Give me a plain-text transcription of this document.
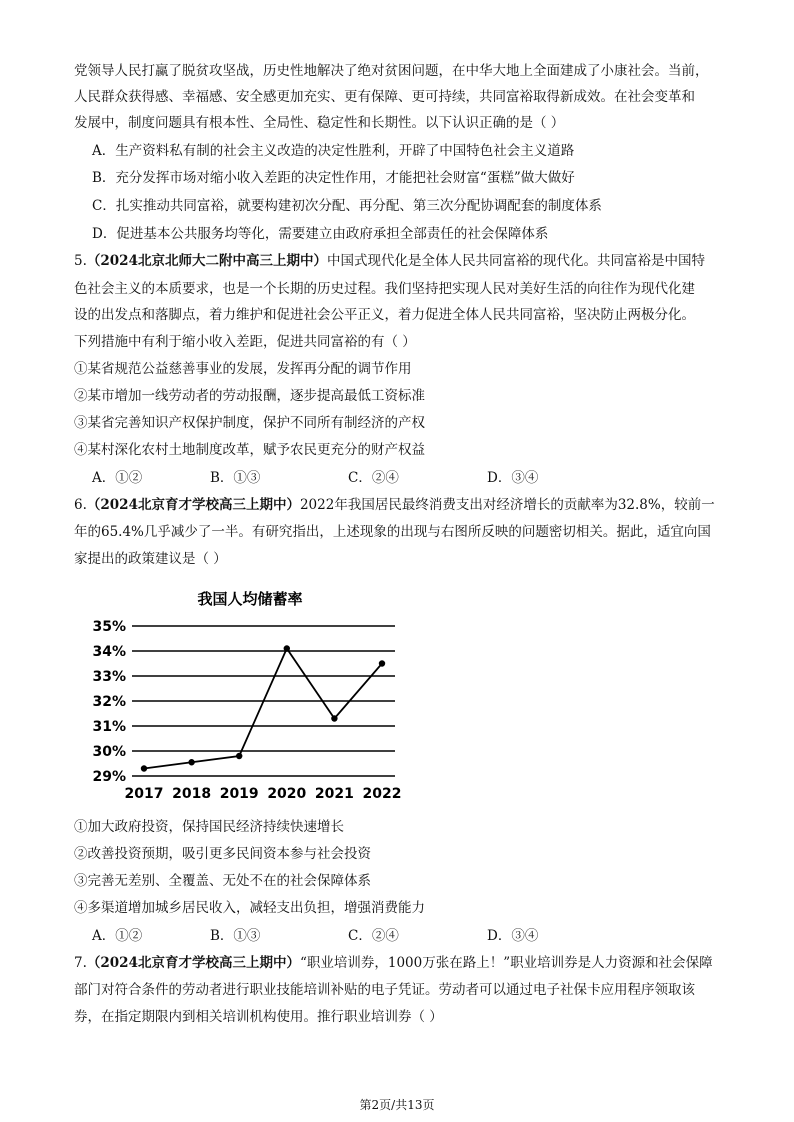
党领导人民打赢了脱贫攻坚战，历史性地解决了绝对贫困问题，在中华大地上全面建成了小康社会。当前，
人民群众获得感、幸福感、安全感更加充实、更有保障、更可持续，共同富裕取得新成效。在社会变革和
发展中，制度问题具有根本性、全局性、稳定性和长期性。以下认识正确的是（ ）
A．生产资料私有制的社会主义改造的决定性胜利，开辟了中国特色社会主义道路
B．充分发挥市场对缩小收入差距的决定性作用，才能把社会财富“蛋糕”做大做好
C．扎实推动共同富裕，就要构建初次分配、再分配、第三次分配协调配套的制度体系
D．促进基本公共服务均等化，需要建立由政府承担全部责任的社会保障体系
5.（2024北京北师大二附中高三上期中）中国式现代化是全体人民共同富裕的现代化。共同富裕是中国特
色社会主义的本质要求，也是一个长期的历史过程。我们坚持把实现人民对美好生活的向往作为现代化建
设的出发点和落脚点，着力维护和促进社会公平正义，着力促进全体人民共同富裕，坚决防止两极分化。
下列措施中有利于缩小收入差距，促进共同富裕的有（ ）
①某省规范公益慈善事业的发展，发挥再分配的调节作用
②某市增加一线劳动者的劳动报酬，逐步提高最低工资标准
③某省完善知识产权保护制度，保护不同所有制经济的产权
④某村深化农村土地制度改革，赋予农民更充分的财产权益
A．①②	B．①③	C．②④	D．③④
6.（2024北京育才学校高三上期中）2022年我国居民最终消费支出对经济增长的贡献率为32.8%，较前一
年的65.4%几乎减少了一半。有研究指出，上述现象的出现与右图所反映的问题密切相关。据此，适宜向国
家提出的政策建议是（ ）
我国人均储蓄率
29%
30%
31%
32%
33%
34%
35%
2017 2018 2019 2020 2021 2022
①加大政府投资，保持国民经济持续快速增长
②改善投资预期，吸引更多民间资本参与社会投资
③完善无差别、全覆盖、无处不在的社会保障体系
④多渠道增加城乡居民收入，减轻支出负担，增强消费能力
A．①②	B．①③	C．②④	D．③④
7.（2024北京育才学校高三上期中）“职业培训券，1000万张在路上！”职业培训券是人力资源和社会保障
部门对符合条件的劳动者进行职业技能培训补贴的电子凭证。劳动者可以通过电子社保卡应用程序领取该
券，在指定期限内到相关培训机构使用。推行职业培训券（ ）
第2页/共13页
